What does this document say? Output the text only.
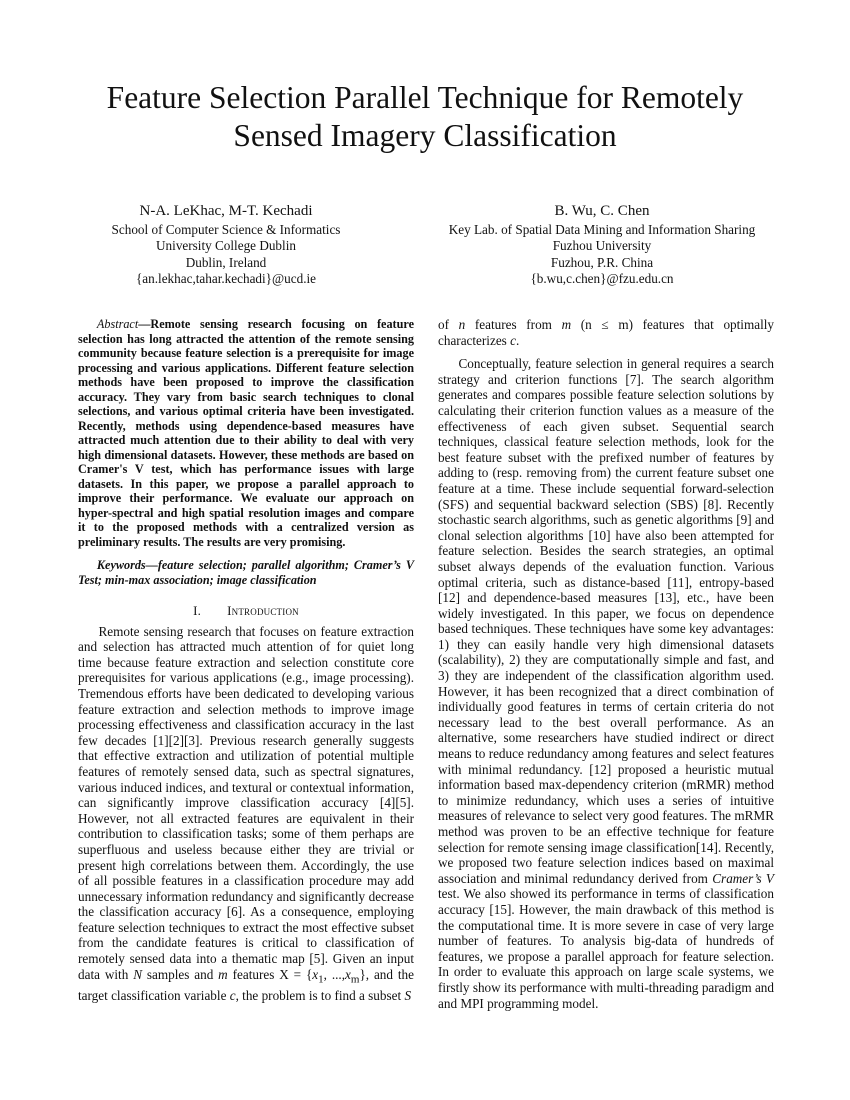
Feature Selection Parallel Technique for Remotely
Sensed Imagery Classification
N-A. LeKhac, M-T. Kechadi
School of Computer Science & Informatics
University College Dublin
Dublin, Ireland
{an.lekhac,tahar.kechadi}@ucd.ie
B. Wu, C. Chen
Key Lab. of Spatial Data Mining and Information Sharing
Fuzhou University
Fuzhou, P.R. China
{b.wu,c.chen}@fzu.edu.cn

Abstract—Remote sensing research focusing on feature selection has long attracted the attention of the remote sensing community because feature selection is a prerequisite for image processing and various applications. Different feature selection methods have been proposed to improve the classification accuracy. They vary from basic search techniques to clonal selections, and various optimal criteria have been investigated. Recently, methods using dependence-based measures have attracted much attention due to their ability to deal with very high dimensional datasets. However, these methods are based on Cramer's V test, which has performance issues with large datasets. In this paper, we propose a parallel approach to improve their performance. We evaluate our approach on hyper-spectral and high spatial resolution images and compare it to the proposed methods with a centralized version as preliminary results. The results are very promising.

Keywords—feature selection; parallel algorithm; Cramer’s V Test; min-max association; image classification

I. Introduction

Remote sensing research that focuses on feature extraction and selection has attracted much attention of for quiet long time because feature extraction and selection constitute core prerequisites for various applications (e.g., image processing). Tremendous efforts have been dedicated to developing various feature extraction and selection methods to improve image processing effectiveness and classification accuracy in the last few decades [1][2][3]. Previous research generally suggests that effective extraction and utilization of potential multiple features of remotely sensed data, such as spectral signatures, various induced indices, and textural or contextual information, can significantly improve classification accuracy [4][5]. However, not all extracted features are equivalent in their contribution to classification tasks; some of them perhaps are superfluous and useless because either they are trivial or present high correlations between them. Accordingly, the use of all possible features in a classification procedure may add unnecessary information redundancy and significantly decrease the classification accuracy [6]. As a consequence, employing feature selection techniques to extract the most effective subset from the candidate features is critical to classification of remotely sensed data into a thematic map [5]. Given an input data with N samples and m features $X = \{x_1$, $...,x_m$}, and the target classification variable c, the problem is to find a subset S

of n features from m (n ≤ m) features that optimally characterizes c.

Conceptually, feature selection in general requires a search strategy and criterion functions [7]. The search algorithm generates and compares possible feature selection solutions by calculating their criterion function values as a measure of the effectiveness of each given subset. Sequential search techniques, classical feature selection methods, look for the best feature subset with the prefixed number of features by adding to (resp. removing from) the current feature subset one feature at a time. These include sequential forward-selection (SFS) and sequential backward selection (SBS) [8]. Recently stochastic search algorithms, such as genetic algorithms [9] and clonal selection algorithms [10] have also been attempted for feature selection. Besides the search strategies, an optimal subset always depends of the evaluation function. Various optimal criteria, such as distance-based [11], entropy-based [12] and dependence-based measures [13], etc., have been widely investigated. In this paper, we focus on dependence based techniques. These techniques have some key advantages: 1) they can easily handle very high dimensional datasets (scalability), 2) they are computationally simple and fast, and 3) they are independent of the classification algorithm used. However, it has been recognized that a direct combination of individually good features in terms of certain criteria do not necessary lead to the best overall performance. As an alternative, some researchers have studied indirect or direct means to reduce redundancy among features and select features with minimal redundancy. [12] proposed a heuristic mutual information based max-dependency criterion (mRMR) method to minimize redundancy, which uses a series of intuitive measures of relevance to select very good features. The mRMR method was proven to be an effective technique for feature selection for remote sensing image classification[14]. Recently, we proposed two feature selection indices based on maximal association and minimal redundancy derived from Cramer’s V test. We also showed its performance in terms of classification accuracy [15]. However, the main drawback of this method is the computational time. It is more severe in case of very large number of features. To analysis big-data of hundreds of features, we propose a parallel approach for feature selection. In order to evaluate this approach on large scale systems, we firstly show its performance with multi-threading paradigm and and MPI programming model.
